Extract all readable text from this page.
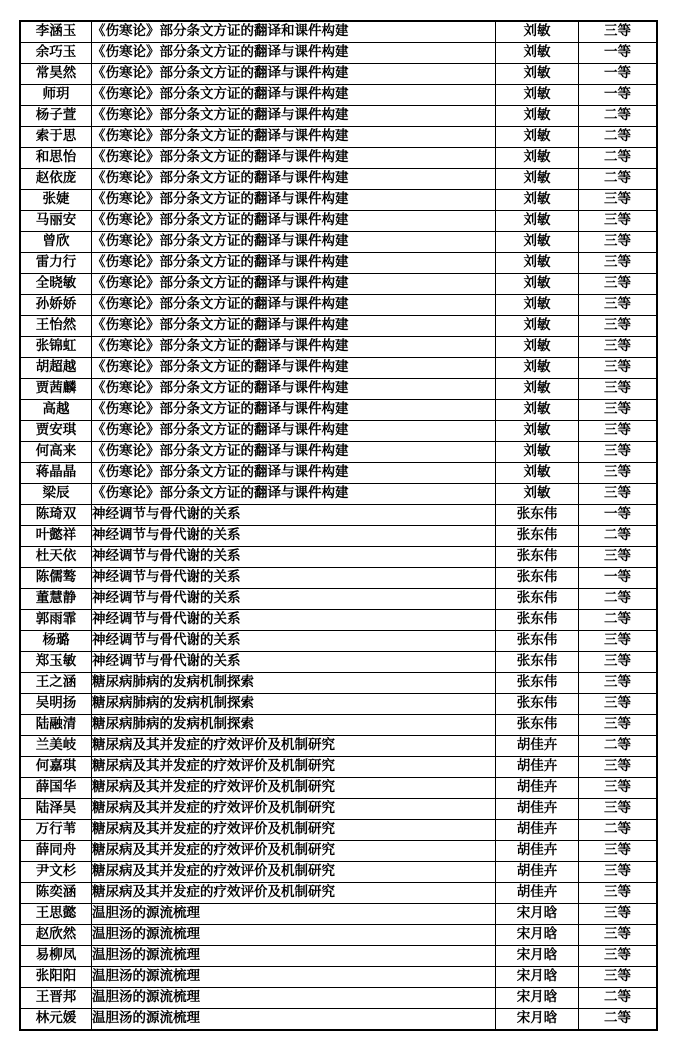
李涵玉	《伤寒论》部分条文方证的翻译和课件构建	刘敏	三等
余巧玉	《伤寒论》部分条文方证的翻译与课件构建	刘敏	一等
常昊然	《伤寒论》部分条文方证的翻译与课件构建	刘敏	一等
师玥	《伤寒论》部分条文方证的翻译与课件构建	刘敏	一等
杨子萱	《伤寒论》部分条文方证的翻译与课件构建	刘敏	二等
索于思	《伤寒论》部分条文方证的翻译与课件构建	刘敏	二等
和思怡	《伤寒论》部分条文方证的翻译与课件构建	刘敏	二等
赵依庞	《伤寒论》部分条文方证的翻译与课件构建	刘敏	二等
张婕	《伤寒论》部分条文方证的翻译与课件构建	刘敏	三等
马丽安	《伤寒论》部分条文方证的翻译与课件构建	刘敏	三等
曾欣	《伤寒论》部分条文方证的翻译与课件构建	刘敏	三等
雷力行	《伤寒论》部分条文方证的翻译与课件构建	刘敏	三等
全晓敏	《伤寒论》部分条文方证的翻译与课件构建	刘敏	三等
孙娇娇	《伤寒论》部分条文方证的翻译与课件构建	刘敏	三等
王怡然	《伤寒论》部分条文方证的翻译与课件构建	刘敏	三等
张锦虹	《伤寒论》部分条文方证的翻译与课件构建	刘敏	三等
胡超越	《伤寒论》部分条文方证的翻译与课件构建	刘敏	三等
贾茜麟	《伤寒论》部分条文方证的翻译与课件构建	刘敏	三等
高越	《伤寒论》部分条文方证的翻译与课件构建	刘敏	三等
贾安琪	《伤寒论》部分条文方证的翻译与课件构建	刘敏	三等
何高来	《伤寒论》部分条文方证的翻译与课件构建	刘敏	三等
蒋晶晶	《伤寒论》部分条文方证的翻译与课件构建	刘敏	三等
梁辰	《伤寒论》部分条文方证的翻译与课件构建	刘敏	三等
陈琦双	神经调节与骨代谢的关系	张东伟	一等
叶懿祥	神经调节与骨代谢的关系	张东伟	二等
杜天依	神经调节与骨代谢的关系	张东伟	三等
陈儒骜	神经调节与骨代谢的关系	张东伟	一等
董慧静	神经调节与骨代谢的关系	张东伟	二等
郭雨霏	神经调节与骨代谢的关系	张东伟	二等
杨璐	神经调节与骨代谢的关系	张东伟	三等
郑玉敏	神经调节与骨代谢的关系	张东伟	三等
王之涵	糖尿病肺病的发病机制探索	张东伟	三等
吴明扬	糖尿病肺病的发病机制探索	张东伟	三等
陆融清	糖尿病肺病的发病机制探索	张东伟	三等
兰美岐	糖尿病及其并发症的疗效评价及机制研究	胡佳卉	二等
何嘉琪	糖尿病及其并发症的疗效评价及机制研究	胡佳卉	三等
薛国华	糖尿病及其并发症的疗效评价及机制研究	胡佳卉	三等
陆泽昊	糖尿病及其并发症的疗效评价及机制研究	胡佳卉	三等
万行苇	糖尿病及其并发症的疗效评价及机制研究	胡佳卉	二等
薛同舟	糖尿病及其并发症的疗效评价及机制研究	胡佳卉	三等
尹文杉	糖尿病及其并发症的疗效评价及机制研究	胡佳卉	三等
陈奕涵	糖尿病及其并发症的疗效评价及机制研究	胡佳卉	三等
王思懿	温胆汤的源流梳理	宋月晗	三等
赵欣然	温胆汤的源流梳理	宋月晗	三等
易柳凤	温胆汤的源流梳理	宋月晗	三等
张阳阳	温胆汤的源流梳理	宋月晗	三等
王晋邦	温胆汤的源流梳理	宋月晗	二等
林元媛	温胆汤的源流梳理	宋月晗	二等
